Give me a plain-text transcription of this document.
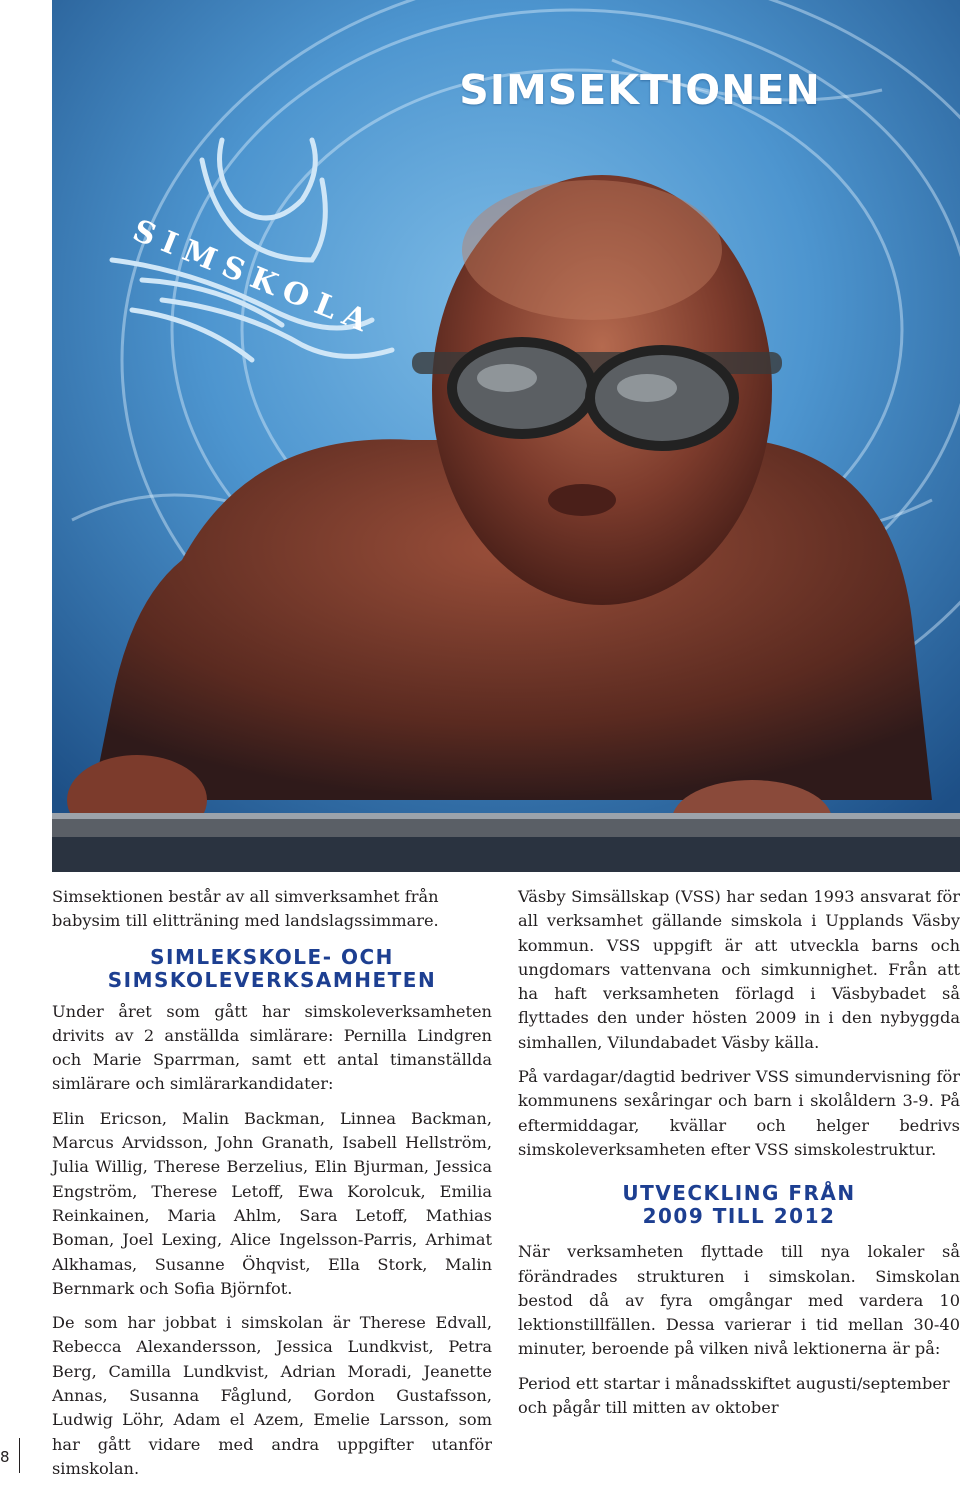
SIMSEKTIONEN
SIMSKOLA

Simsektionen består av all simverksamhet från babysim till elitträning med landslagssimmare.

SIMLEKSKOLE- OCH
SIMSKOLEVERKSAMHETEN

Under året som gått har simskoleverksamheten drivits av 2 anställda simlärare: Pernilla Lindgren och Marie Sparrman, samt ett antal timanställda simlärare och simlärarkandidater:

Elin Ericson, Malin Backman, Linnea Backman, Marcus Arvidsson, John Granath, Isabell Hellström, Julia Willig, Therese Berzelius, Elin Bjurman, Jessica Engström, Therese Letoff, Ewa Korolcuk, Emilia Reinkainen, Maria Ahlm, Sara Letoff, Mathias Boman, Joel Lexing, Alice Ingelsson-Parris, Arhimat Alkhamas, Susanne Öhqvist, Ella Stork, Malin Bernmark och Sofia Björnfot.

De som har jobbat i simskolan är Therese Edvall, Rebecca Alexandersson, Jessica Lundkvist, Petra Berg, Camilla Lundkvist, Adrian Moradi, Jeanette Annas, Susanna Fåglund, Gordon Gustafsson, Ludwig Löhr, Adam el Azem, Emelie Larsson, som har gått vidare med andra uppgifter utanför simskolan.

Väsby Simsällskap (VSS) har sedan 1993 ansvarat för all verksamhet gällande simskola i Upplands Väsby kommun. VSS uppgift är att utveckla barns och ungdomars vattenvana och simkunnighet. Från att ha haft verksamheten förlagd i Väsbybadet så flyttades den under hösten 2009 in i den nybyggda simhallen, Vilundabadet Väsby källa.

På vardagar/dagtid bedriver VSS simundervisning för kommunens sexåringar och barn i skolåldern 3-9. På eftermiddagar, kvällar och helger bedrivs simskoleverksamheten efter VSS simskolestruktur.

UTVECKLING FRÅN
2009 TILL 2012

När verksamheten flyttade till nya lokaler så förändrades strukturen i simskolan. Simskolan bestod då av fyra omgångar med vardera 10 lektionstillfällen. Dessa varierar i tid mellan 30-40 minuter, beroende på vilken nivå lektionerna är på:

Period ett startar i månadsskiftet augusti/september och pågår till mitten av oktober

8
